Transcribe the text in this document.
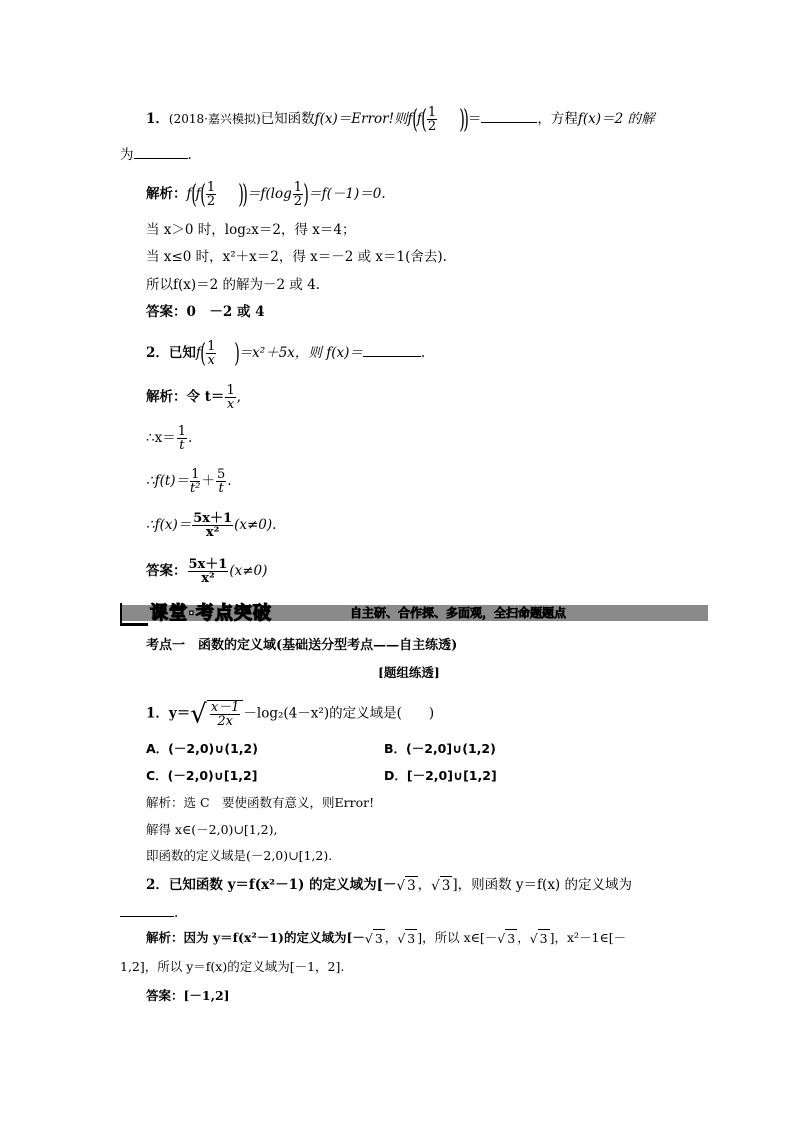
1．(2018·嘉兴模拟)已知函数f(x)＝Error!则$f(f( \frac{1}{2}$ ))＝	，方程f(x)＝2 的解
为	.
解析：$f(f( \frac{1}{2} ))=f(\log \frac{1}{2} )=f(-1)=0$.
当 x＞0 时，log₂x＝2，得 x＝4；
当 x≤0 时，x²＋x＝2，得 x＝－2 或 x＝1(舍去).
所以f(x)＝2 的解为－2 或 4.
答案：0　－2 或 4
2．已知$f( \frac{1}{x} )=x^2+5x$，则 f(x)＝	.
解析：令 $t= \frac{1}{x}$ ,
∴x＝ $\frac{1}{t}$ .
∴f(t)＝ $\frac{1}{\text{t²}} + \frac{5}{t}$ .
∴f(x)＝ $\frac{5x+1}{\text{x²}} (x\ne 0)$.
答案： $\frac{5x+1}{\text{x²}} (x\ne 0)$
课堂·考点突破	自主研、合作探、多面观，全扫命题题点
考点一　函数的定义域(基础送分型考点——自主练透)
[题组练透]
1．$y=√ \frac{x-1}{2x} -\log_2(4-x^2)$的定义域是(　　)
A．(－2,0)∪(1,2)	B．(－2,0]∪(1,2)
C．(－2,0)∪[1,2]	D．[－2,0]∪[1,2]
解析：选 C　要使函数有意义，则Error!
解得 x∈(－2,0)∪[1,2),
即函数的定义域是(－2,0)∪[1,2).
2．已知函数 y＝f(x²－1) 的定义域为[－√ 3 ，√ 3 ]，则函数 y＝f(x) 的定义域为
.
解析：因为 y＝f(x²－1)的定义域为[－√ 3 ，√ 3 ]，所以 x∈[－√ 3 ，√ 3 ]，x²－1∈[－
1,2]，所以 y＝f(x)的定义域为[－1，2].
答案：[－1,2]
